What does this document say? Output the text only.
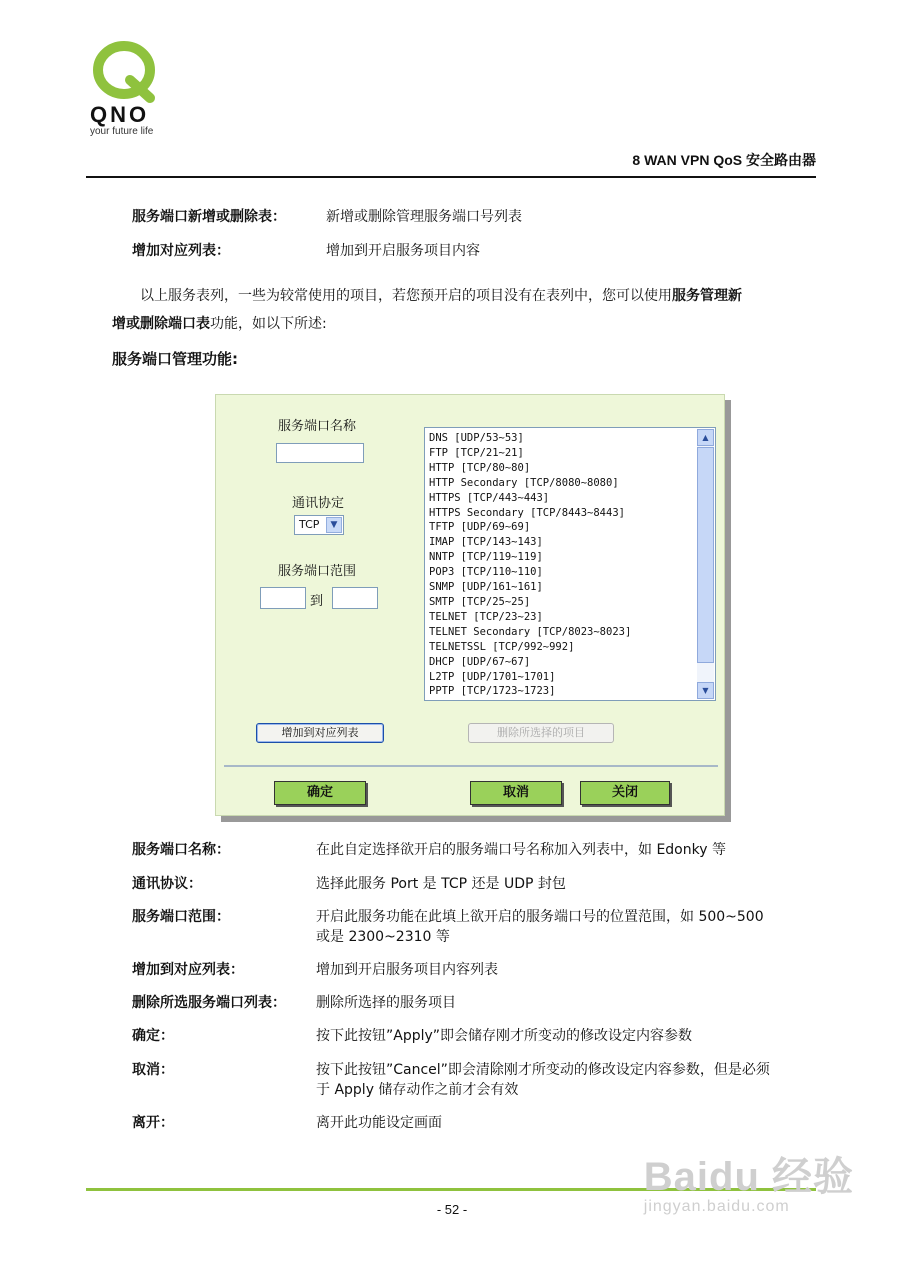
QNO
your future life
8 WAN VPN QoS 安全路由器
服务端口新增或删除表：	新增或删除管理服务端口号列表
增加对应列表：	增加到开启服务项目内容
以上服务表列，一些为较常使用的项目，若您预开启的项目没有在表列中，您可以使用服务管理新
增或删除端口表功能，如以下所述:
服务端口管理功能:
服务端口名称
通讯协定
TCP	▼
服务端口范围
到
DNS [UDP/53~53]
FTP [TCP/21~21]
HTTP [TCP/80~80]
HTTP Secondary [TCP/8080~8080]
HTTPS [TCP/443~443]
HTTPS Secondary [TCP/8443~8443]
TFTP [UDP/69~69]
IMAP [TCP/143~143]
NNTP [TCP/119~119]
POP3 [TCP/110~110]
SNMP [UDP/161~161]
SMTP [TCP/25~25]
TELNET [TCP/23~23]
TELNET Secondary [TCP/8023~8023]
TELNETSSL [TCP/992~992]
DHCP [UDP/67~67]
L2TP [UDP/1701~1701]
PPTP [TCP/1723~1723]
▲
▼
增加到对应列表	删除所选择的项目
确定	取消	关闭
服务端口名称：	在此自定选择欲开启的服务端口号名称加入列表中，如 Edonky 等
通讯协议：	选择此服务 Port 是 TCP 还是 UDP 封包
服务端口范围：	开启此服务功能在此填上欲开启的服务端口号的位置范围，如 500~500
或是 2300~2310 等
增加到对应列表：	增加到开启服务项目内容列表
删除所选服务端口列表： 删除所选择的服务项目
确定：	按下此按钮”Apply”即会储存刚才所变动的修改设定内容参数
取消：	按下此按钮”Cancel”即会清除刚才所变动的修改设定内容参数，但是必须
于 Apply 储存动作之前才会有效
离开：	离开此功能设定画面
- 52 -
Baidu 经验
jingyan.baidu.com
